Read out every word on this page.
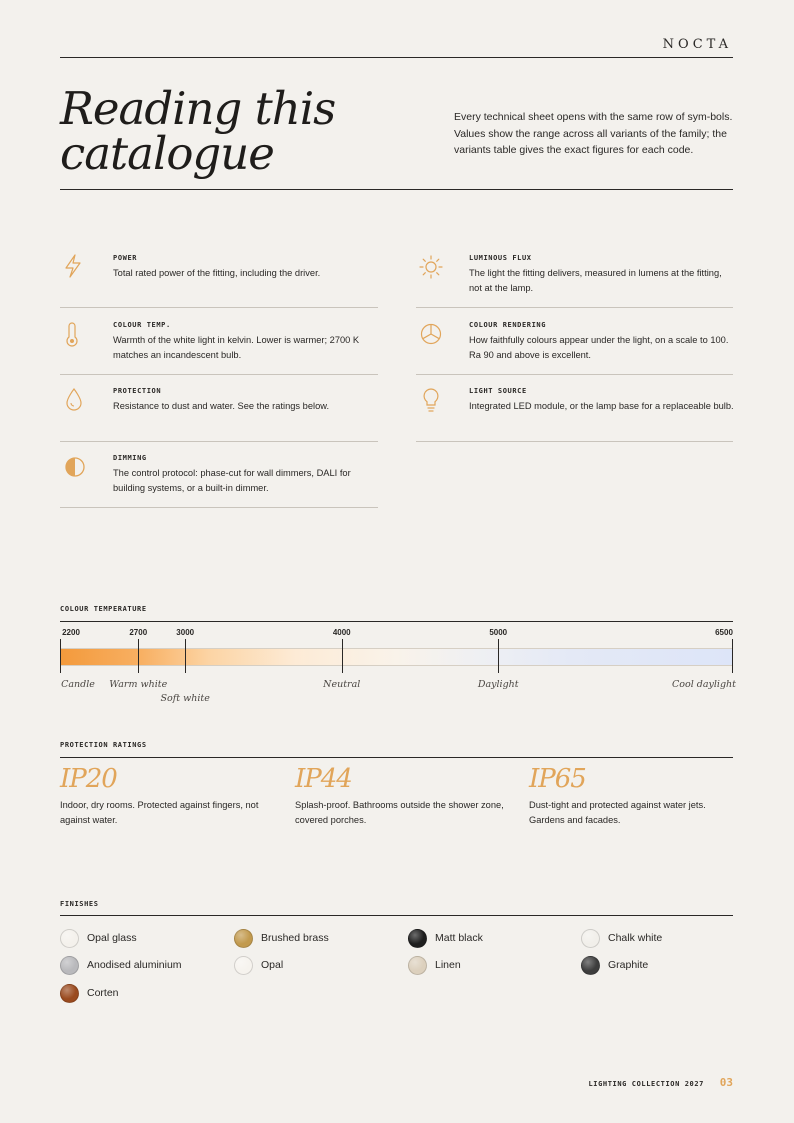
NOCTA
Reading this
catalogue
Every technical sheet opens with the same row of sym-bols. Values show the range across all variants of the family; the variants table gives the exact figures for each code.
POWER
Total rated power of the fitting, including the driver.
LUMINOUS FLUX
The light the fitting delivers, measured in lumens at the fitting, not at the lamp.
COLOUR TEMP.
Warmth of the white light in kelvin. Lower is warmer; 2700 K matches an incandescent bulb.
COLOUR RENDERING
How faithfully colours appear under the light, on a scale to 100. Ra 90 and above is excellent.
PROTECTION
Resistance to dust and water. See the ratings below.
LIGHT SOURCE
Integrated LED module, or the lamp base for a replaceable bulb.
DIMMING
The control protocol: phase-cut for wall dimmers, DALI for building systems, or a built-in dimmer.
COLOUR TEMPERATURE
2200	2700	3000	4000	5000	6500
Candle Warm white
Soft white
Neutral	Daylight	Cool daylight
PROTECTION RATINGS
IP20
Indoor, dry rooms. Protected against fingers, not against water.
IP44
Splash-proof. Bathrooms outside the shower zone, covered porches.
IP65
Dust-tight and protected against water jets. Gardens and facades.
FINISHES
Opal glass	Brushed brass	Matt black	Chalk white
Anodised aluminium	Opal	Linen	Graphite
Corten
LIGHTING COLLECTION 2027 03
